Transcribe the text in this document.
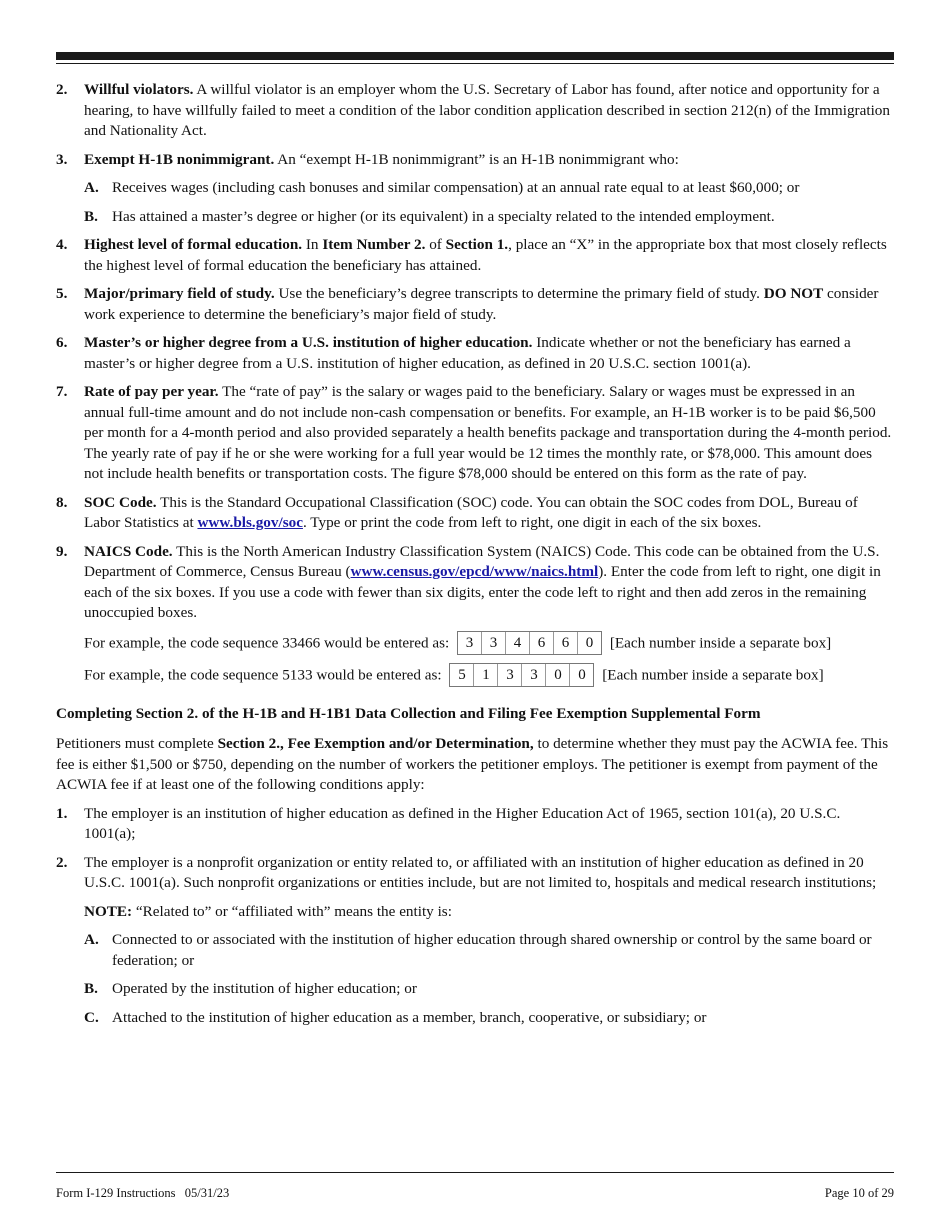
2. Willful violators. A willful violator is an employer whom the U.S. Secretary of Labor has found, after notice and opportunity for a hearing, to have willfully failed to meet a condition of the labor condition application described in section 212(n) of the Immigration and Nationality Act.
3. Exempt H-1B nonimmigrant. An “exempt H-1B nonimmigrant” is an H-1B nonimmigrant who:
A. Receives wages (including cash bonuses and similar compensation) at an annual rate equal to at least $60,000; or
B. Has attained a master’s degree or higher (or its equivalent) in a specialty related to the intended employment.
4. Highest level of formal education. In Item Number 2. of Section 1., place an “X” in the appropriate box that most closely reflects the highest level of formal education the beneficiary has attained.
5. Major/primary field of study. Use the beneficiary’s degree transcripts to determine the primary field of study. DO NOT consider work experience to determine the beneficiary’s major field of study.
6. Master’s or higher degree from a U.S. institution of higher education. Indicate whether or not the beneficiary has earned a master’s or higher degree from a U.S. institution of higher education, as defined in 20 U.S.C. section 1001(a).
7. Rate of pay per year. The “rate of pay” is the salary or wages paid to the beneficiary. Salary or wages must be expressed in an annual full-time amount and do not include non-cash compensation or benefits. For example, an H-1B worker is to be paid $6,500 per month for a 4-month period and also provided separately a health benefits package and transportation during the 4-month period. The yearly rate of pay if he or she were working for a full year would be 12 times the monthly rate, or $78,000. This amount does not include health benefits or transportation costs. The figure $78,000 should be entered on this form as the rate of pay.
8. SOC Code. This is the Standard Occupational Classification (SOC) code. You can obtain the SOC codes from DOL, Bureau of Labor Statistics at www.bls.gov/soc. Type or print the code from left to right, one digit in each of the six boxes.
9. NAICS Code. This is the North American Industry Classification System (NAICS) Code. This code can be obtained from the U.S. Department of Commerce, Census Bureau (www.census.gov/epcd/www/naics.html). Enter the code from left to right, one digit in each of the six boxes. If you use a code with fewer than six digits, enter the code left to right and then add zeros in the remaining unoccupied boxes.
For example, the code sequence 33466 would be entered as:	3	3	4	6	6	0	[Each number inside a separate box]
For example, the code sequence 5133 would be entered as:	5	1	3	3	0	0	[Each number inside a separate box]
Completing Section 2. of the H-1B and H-1B1 Data Collection and Filing Fee Exemption Supplemental Form
Petitioners must complete Section 2., Fee Exemption and/or Determination, to determine whether they must pay the ACWIA fee. This fee is either $1,500 or $750, depending on the number of workers the petitioner employs. The petitioner is exempt from payment of the ACWIA fee if at least one of the following conditions apply:
1. The employer is an institution of higher education as defined in the Higher Education Act of 1965, section 101(a), 20 U.S.C. 1001(a);
2. The employer is a nonprofit organization or entity related to, or affiliated with an institution of higher education as defined in 20 U.S.C. 1001(a). Such nonprofit organizations or entities include, but are not limited to, hospitals and medical research institutions;
NOTE: “Related to” or “affiliated with” means the entity is:
A. Connected to or associated with the institution of higher education through shared ownership or control by the same board or federation; or
B. Operated by the institution of higher education; or
C. Attached to the institution of higher education as a member, branch, cooperative, or subsidiary; or
Form I-129 Instructions   05/31/23	Page 10 of 29
